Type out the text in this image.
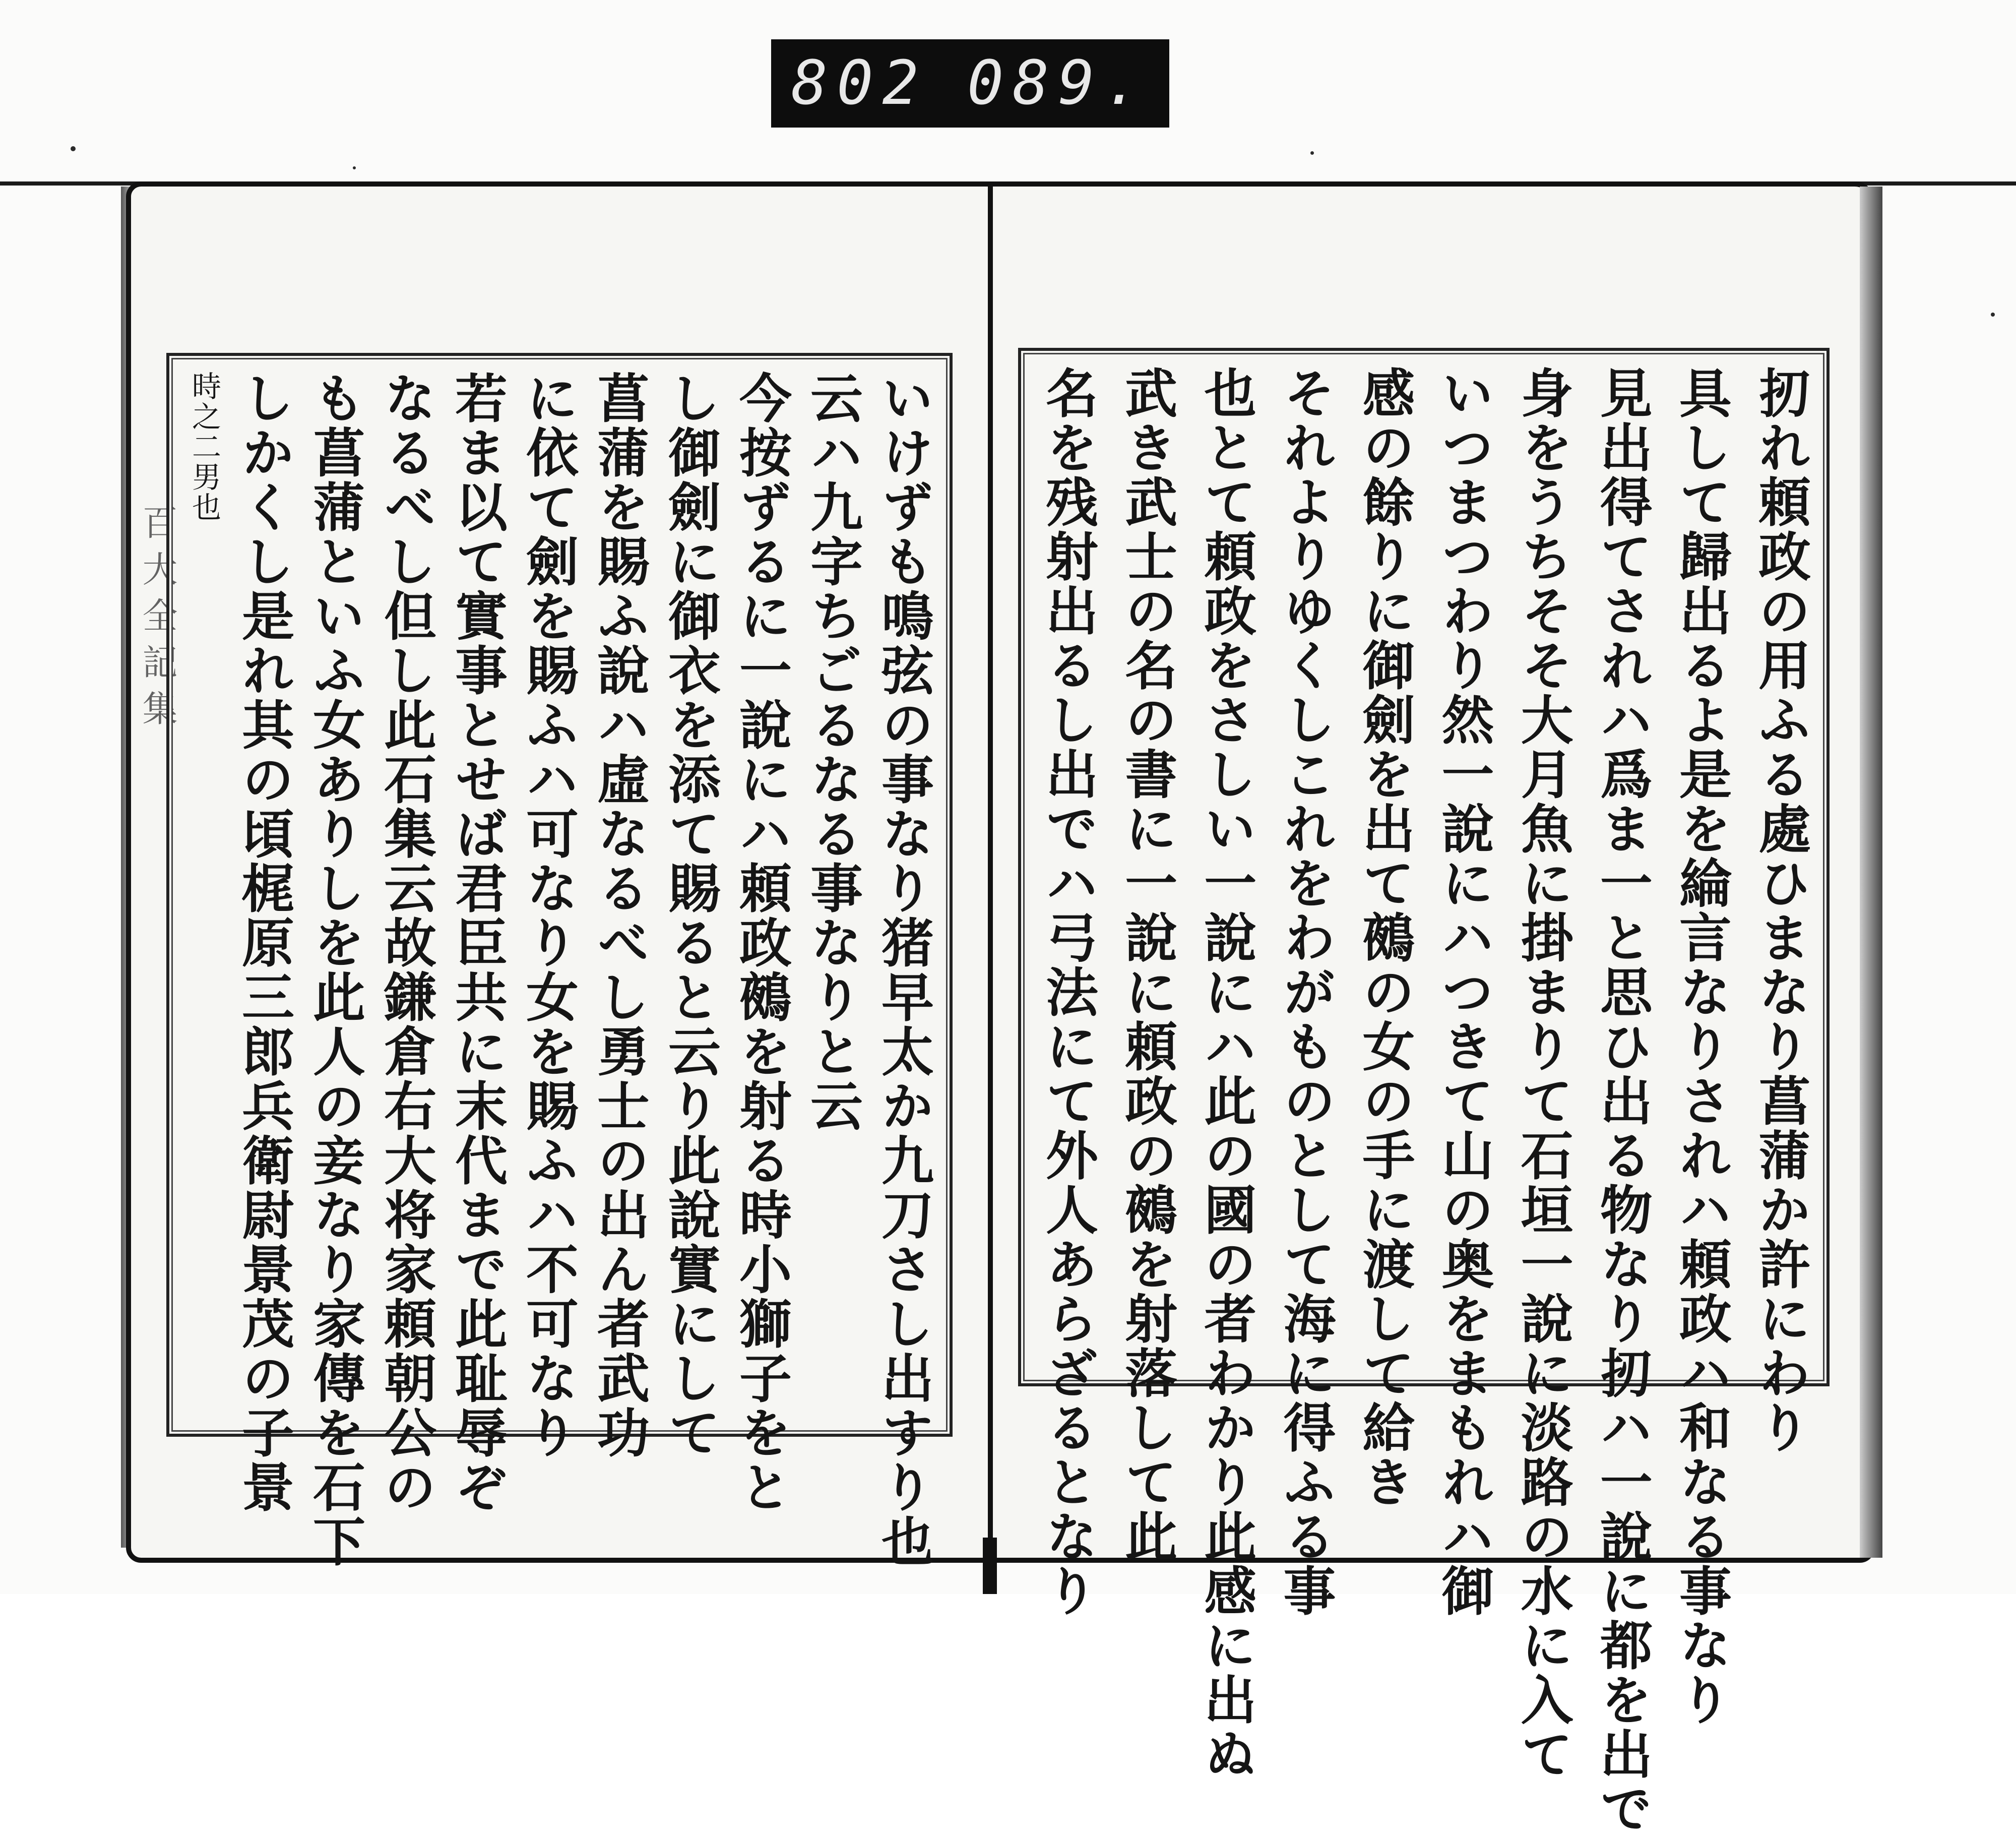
802 089.
百 大 全 記 集	いけずも鳴弦の事なり猪早太か九刀さし出すり也
云ハ九字ちごるなる事なりと云
今按ずるに一說にハ頼政鵺を射る時小獅子をと
し御劍に御衣を添て賜ると云り此說實にして
菖蒲を賜ふ說ハ虛なるべし勇士の出ん者武功
に依て劍を賜ふハ可なり女を賜ふハ不可なり
若ま以て實事とせば君臣共に末代まで此耻辱ぞ
なるべし但し此石集云故鎌倉右大将家頼朝公の
も菖蒲といふ女ありしを此人の妾なり家傳を石下
しかくし是れ其の頃梶原三郎兵衛尉景茂の子景
時之二男也	扨れ頼政の用ふる處ひまなり菖蒲か許にわり
具して歸出るよ是を綸言なりされハ頼政ハ和なる事なり
見出得てされハ爲ま一と思ひ出る物なり扨ハ一說に都を出で
身をうちそそ大月魚に掛まりて石垣一說に淡路の水に入て
いつまつわり然一說にハつきて山の奥をまもれハ御
感の餘りに御劍を出て鵺の女の手に渡して給き
それよりゆくしこれをわがものとして海に得ふる事
也とて頼政をさしい一說にハ此の國の者わかり此感に出ぬ
武き武士の名の書に一說に頼政の鵺を射落して此
名を残射出るし出でハ弓法にて外人あらざるとなり
